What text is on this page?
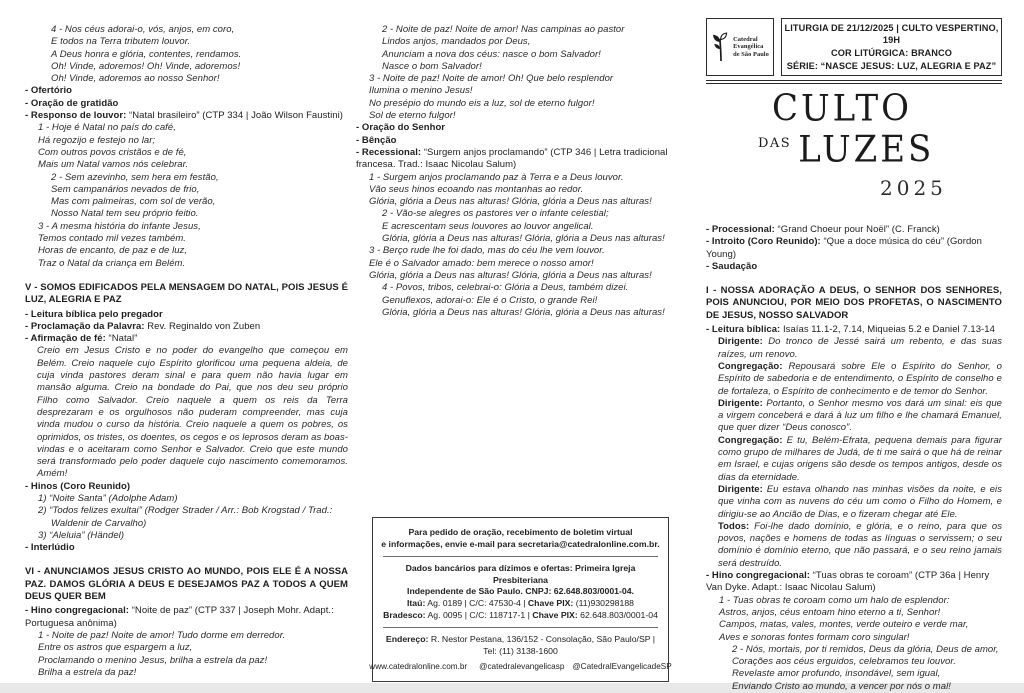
4 - Nos céus adorai-o, vós, anjos, em coro,
E todos na Terra tributem louvor.
A Deus honra e glória, contentes, rendamos.
Oh! Vinde, adoremos! Oh! Vinde, adoremos!
Oh! Vinde, adoremos ao nosso Senhor!
- Ofertório
- Oração de gratidão
- Responso de louvor: “Natal brasileiro” (CTP 334 | João Wilson Faustini)
1 - Hoje é Natal no país do café,
Há regozijo e festejo no lar;
Com outros povos cristãos e de fé,
Mais um Natal vamos nós celebrar.
2 - Sem azevinho, sem hera em festão,
Sem campanários nevados de frio,
Mas com palmeiras, com sol de verão,
Nosso Natal tem seu próprio feitio.
3 - A mesma história do infante Jesus,
Temos contado mil vezes também.
Horas de encanto, de paz e de luz,
Traz o Natal da criança em Belém.
V - SOMOS EDIFICADOS PELA MENSAGEM DO NATAL, POIS JESUS É LUZ, ALEGRIA E PAZ
- Leitura bíblica pelo pregador
- Proclamação da Palavra: Rev. Reginaldo von Zuben
- Afirmação de fé: “Natal”
Creio em Jesus Cristo e no poder do evangelho que começou em Belém. Creio naquele cujo Espírito glorificou uma pequena aldeia, de cuja vinda pastores deram sinal e para quem não havia lugar em mansão alguma. Creio na bondade do Pai, que nos deu seu próprio Filho como Salvador. Creio naquele a quem os reis da Terra desprezaram e os orgulhosos não puderam compreender, mas cuja vinda mudou o curso da história. Creio naquele a quem os pobres, os oprimidos, os tristes, os doentes, os cegos e os leprosos deram as boas-vindas e o aceitaram como Senhor e Salvador. Creio que este mundo será transformado pelo poder daquele cujo nascimento comemoramos. Amém!
- Hinos (Coro Reunido)
1) “Noite Santa” (Adolphe Adam)
2) “Todos felizes exultai” (Rodger Strader / Arr.: Bob Krogstad / Trad.:
Waldenir de Carvalho)
3) “Aleluia” (Händel)
- Interlúdio
VI - ANUNCIAMOS JESUS CRISTO AO MUNDO, POIS ELE É A NOSSA PAZ. DAMOS GLÓRIA A DEUS E DESEJAMOS PAZ A TODOS A QUEM DEUS QUER BEM
- Hino congregacional: “Noite de paz” (CTP 337 | Joseph Mohr. Adapt.: Portuguesa anônima)
1 - Noite de paz! Noite de amor! Tudo dorme em derredor.
Entre os astros que espargem a luz,
Proclamando o menino Jesus, brilha a estrela da paz!
Brilha a estrela da paz!
2 - Noite de paz! Noite de amor! Nas campinas ao pastor
Lindos anjos, mandados por Deus,
Anunciam a nova dos céus: nasce o bom Salvador!
Nasce o bom Salvador!
3 - Noite de paz! Noite de amor! Oh! Que belo resplendor
Ilumina o menino Jesus!
No presépio do mundo eis a luz, sol de eterno fulgor!
Sol de eterno fulgor!
- Oração do Senhor
- Bênção
- Recessional: “Surgem anjos proclamando” (CTP 346 | Letra tradicional francesa. Trad.: Isaac Nicolau Salum)
1 - Surgem anjos proclamando paz à Terra e a Deus louvor.
Vão seus hinos ecoando nas montanhas ao redor.
Glória, glória a Deus nas alturas! Glória, glória a Deus nas alturas!
2 - Vão-se alegres os pastores ver o infante celestial;
E acrescentam seus louvores ao louvor angelical.
Glória, glória a Deus nas alturas! Glória, glória a Deus nas alturas!
3 - Berço rude lhe foi dado, mas do céu lhe vem louvor.
Ele é o Salvador amado: bem merece o nosso amor!
Glória, glória a Deus nas alturas! Glória, glória a Deus nas alturas!
4 - Povos, tribos, celebrai-o: Glória a Deus, também dizei.
Genuflexos, adorai-o: Ele é o Cristo, o grande Rei!
Glória, glória a Deus nas alturas! Glória, glória a Deus nas alturas!
Catedral
Evangélica
de São Paulo
LITURGIA DE 21/12/2025 | CULTO VESPERTINO, 19H
COR LITÚRGICA: BRANCO
SÉRIE: “NASCE JESUS: LUZ, ALEGRIA E PAZ”
CULTO
DAS LUZES
2025
- Processional: “Grand Choeur pour Noël” (C. Franck)
- Introito (Coro Reunido): “Que a doce música do céu” (Gordon Young)
- Saudação
I - NOSSA ADORAÇÃO A DEUS, O SENHOR DOS SENHORES, POIS ANUNCIOU, POR MEIO DOS PROFETAS, O NASCIMENTO DE JESUS, NOSSO SALVADOR
- Leitura bíblica: Isaías 11.1-2, 7.14, Miqueias 5.2 e Daniel 7.13-14
Dirigente: Do tronco de Jessé sairá um rebento, e das suas raízes, um renovo.
Congregação: Repousará sobre Ele o Espírito do Senhor, o Espírito de sabedoria e de entendimento, o Espírito de conselho e de fortaleza, o Espírito de conhecimento e de temor do Senhor.
Dirigente: Portanto, o Senhor mesmo vos dará um sinal: eis que a virgem conceberá e dará à luz um filho e lhe chamará Emanuel, que quer dizer “Deus conosco”.
Congregação: E tu, Belém-Efrata, pequena demais para figurar como grupo de milhares de Judá, de ti me sairá o que há de reinar em Israel, e cujas origens são desde os tempos antigos, desde os dias da eternidade.
Dirigente: Eu estava olhando nas minhas visões da noite, e eis que vinha com as nuvens do céu um como o Filho do Homem, e dirigiu-se ao Ancião de Dias, e o fizeram chegar até Ele.
Todos: Foi-lhe dado domínio, e glória, e o reino, para que os povos, nações e homens de todas as línguas o servissem; o seu domínio é domínio eterno, que não passará, e o seu reino jamais será destruído.
- Hino congregacional: “Tuas obras te coroam” (CTP 36a | Henry Van Dyke. Adapt.: Isaac Nicolau Salum)
1 - Tuas obras te coroam como um halo de esplendor:
Astros, anjos, céus entoam hino eterno a ti, Senhor!
Campos, matas, vales, montes, verde outeiro e verde mar,
Aves e sonoras fontes formam coro singular!
2 - Nós, mortais, por ti remidos, Deus da glória, Deus de amor,
Corações aos céus erguidos, celebramos teu louvor.
Revelaste amor profundo, insondável, sem igual,
Enviando Cristo ao mundo, a vencer por nós o mal!
Para pedido de oração, recebimento de boletim virtual
e informações, envie e-mail para secretaria@catedralonline.com.br.
Dados bancários para dízimos e ofertas: Primeira Igreja Presbiteriana
Independente de São Paulo. CNPJ: 62.648.803/0001-04.
Itaú: Ag. 0189 | C/C: 47530-4 | Chave PIX: (11)930298188
Bradesco: Ag. 0095 | C/C: 118717-1 | Chave PIX: 62.648.803/0001-04
Endereço: R. Nestor Pestana, 136/152 - Consolação, São Paulo/SP | Tel: (11) 3138-1600
www.catedralonline.com.br @catedralevangelicasp @CatedralEvangelicadeSP
